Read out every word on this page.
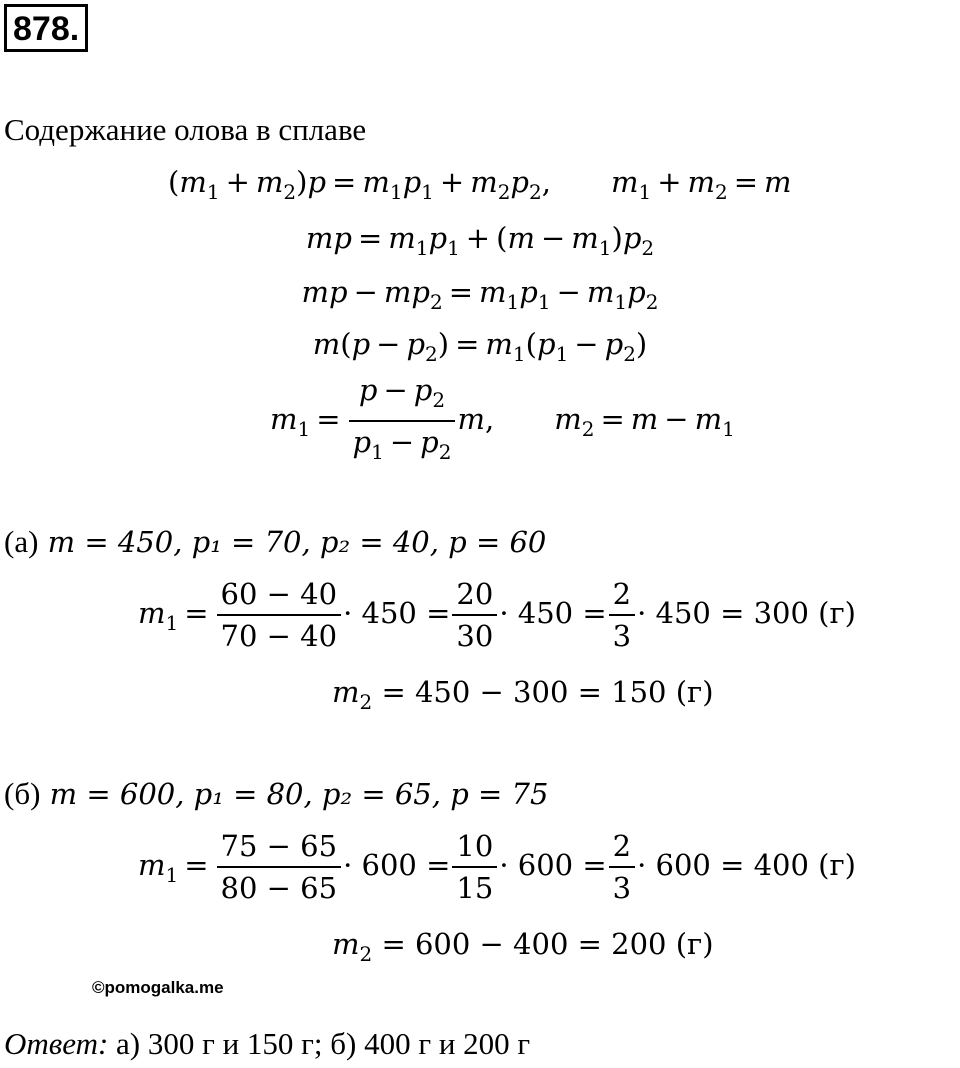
878.
Содержание олова в сплаве
$(m_1 + m_2)p = m_1p_1 + m_2p_2$, $m_1 + m_2 = m$
mp = $m_1p_1 + (m - m_1)p_2$
mp − $mp_2 = m_1p_1 - m_1p_2$
$m(p - p_2) = m_1(p_1 - p_2)$
$m_1 = \frac{p - p_2}{p_1 - p_2} m$, $m_2 = m - m_1$
(а) m = 450, p₁ = 70, p₂ = 40, p = 60
$m_1 = \frac{60 - 40}{70 - 40} \cdot 450 = \frac{20}{30} \cdot 450 = \frac{2}{3} \cdot 450 = 300$ (г)
$m_2 = 450 - 300 = 150$ (г)
(б) m = 600, p₁ = 80, p₂ = 65, p = 75
$m_1 = \frac{75 - 65}{80 - 65} \cdot 600 = \frac{10}{15} \cdot 600 = \frac{2}{3} \cdot 600 = 400$ (г)
$m_2 = 600 - 400 = 200$ (г)
©pomogalka.me
Ответ: а) 300 г и 150 г; б) 400 г и 200 г
